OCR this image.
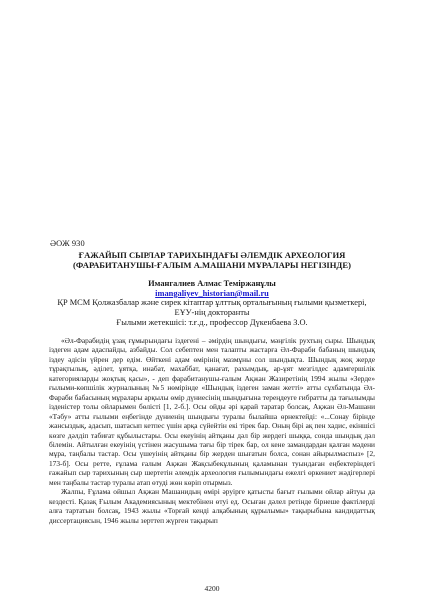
ӘОЖ 930
ҒАЖАЙЫП СЫРЛАР ТАРИХЫНДАҒЫ ӘЛЕМДІК АРХЕОЛОГИЯ
(ФАРАБИТАНУШЫ-ҒАЛЫМ А.МАШАНИ МҰРАЛАРЫ НЕГІЗІНДЕ)
Имангалиев Алмас Теміржанұлы
imangaliyev_historian@mail.ru
ҚР МСМ Қолжазбалар және сирек кітаптар ұлттық орталығының ғылыми қызметкері,
ЕҰУ-нің докторанты
Ғылыми жетекшісі: т.ғ.д., профессор Дүкенбаева З.О.

«Әл-Фарабидің ұзақ ғұмырындағы іздегені – әмірдің шындығы, мәңгілік рухтың сыры. Шындық іздеген адам адаспайды, азбайды. Сол себептен мен талапты жастарға Әл-Фараби бабаның шындық іздеу әдісін үйрен дер едім. Өйткені адам өмірінің мазмұны сол шындықта. Шындық жоқ жерде тұрақтылық, әділет, ұятқа, инабат, махаббат, қанағат, рахымдық, ар-ұят мезгілдес адамгершілік категорияларды жоқтық қасы», - деп фарабитанушы-ғалым Ақжан Жазиретінің 1994 жылы «Зерде» ғылыми-көпшілік журналының №5 нөмірінде «Шындық іздеген заман жетті» атты сұхбатында Әл-Фараби бабасының мұралары арқылы өмір дүниесінің шындығына тереңдеуге ғибратты да тағылымды ізденістер толы ойларымен бөлісті [1, 2-б.]. Осы ойды әрі қарай таратар болсақ, Ақжан Әл-Машани «Тәбу» атты ғылыми еңбегінде дүниенің шындығы туралы былайша өрнектейді: «...Сонау бірінде жансыздық, адасып, шатасып кетпес үшін арқа сүйейтін екі тірек бар. Оның бірі ақ пен хадис, екіншісі көзге дәлдіп табиғат құбылыстары. Осы екеуінің айтқаны дәл бір жердегі шыққа, сонда шындық дәл білемін. Айтылған екеуінің үстінен жасушыма тағы бір тірек бар, ол кене замандардан қалған мәдени мұра, таңбалы тастар. Осы үшеуінің айтқаны бір жерден шығатын болса, сонан айырылмаспыз» [2, 173-б]. Осы ретте, ғұлама ғалым Ақжан Жақсыбекұлының қаламынан туындаған еңбектеріндегі ғажайып сыр тарихының сыр шертетін әлемдік археология ғылымындағы ежелгі өркениет жәдігерлері мен таңбалы тастар туралы атап өтуді жөн көріп отырмыз.

Жалпы, Ғұлама ойшыл Ақжан Машанидың өмірі әруірге қатысты бағыт ғылыми ойлар айтуы да кездесті. Қазақ Ғылым Академиясының мектебінен өтуі ед. Осыған дәлел ретінде бірнеше фактілерді алға тартатын болсақ, 1943 жылы «Торғай кенді алқабының құрылымы» тақырыбына кандидаттық диссертациясын, 1946 жылы зерттеп жүрген тақырып

4200
